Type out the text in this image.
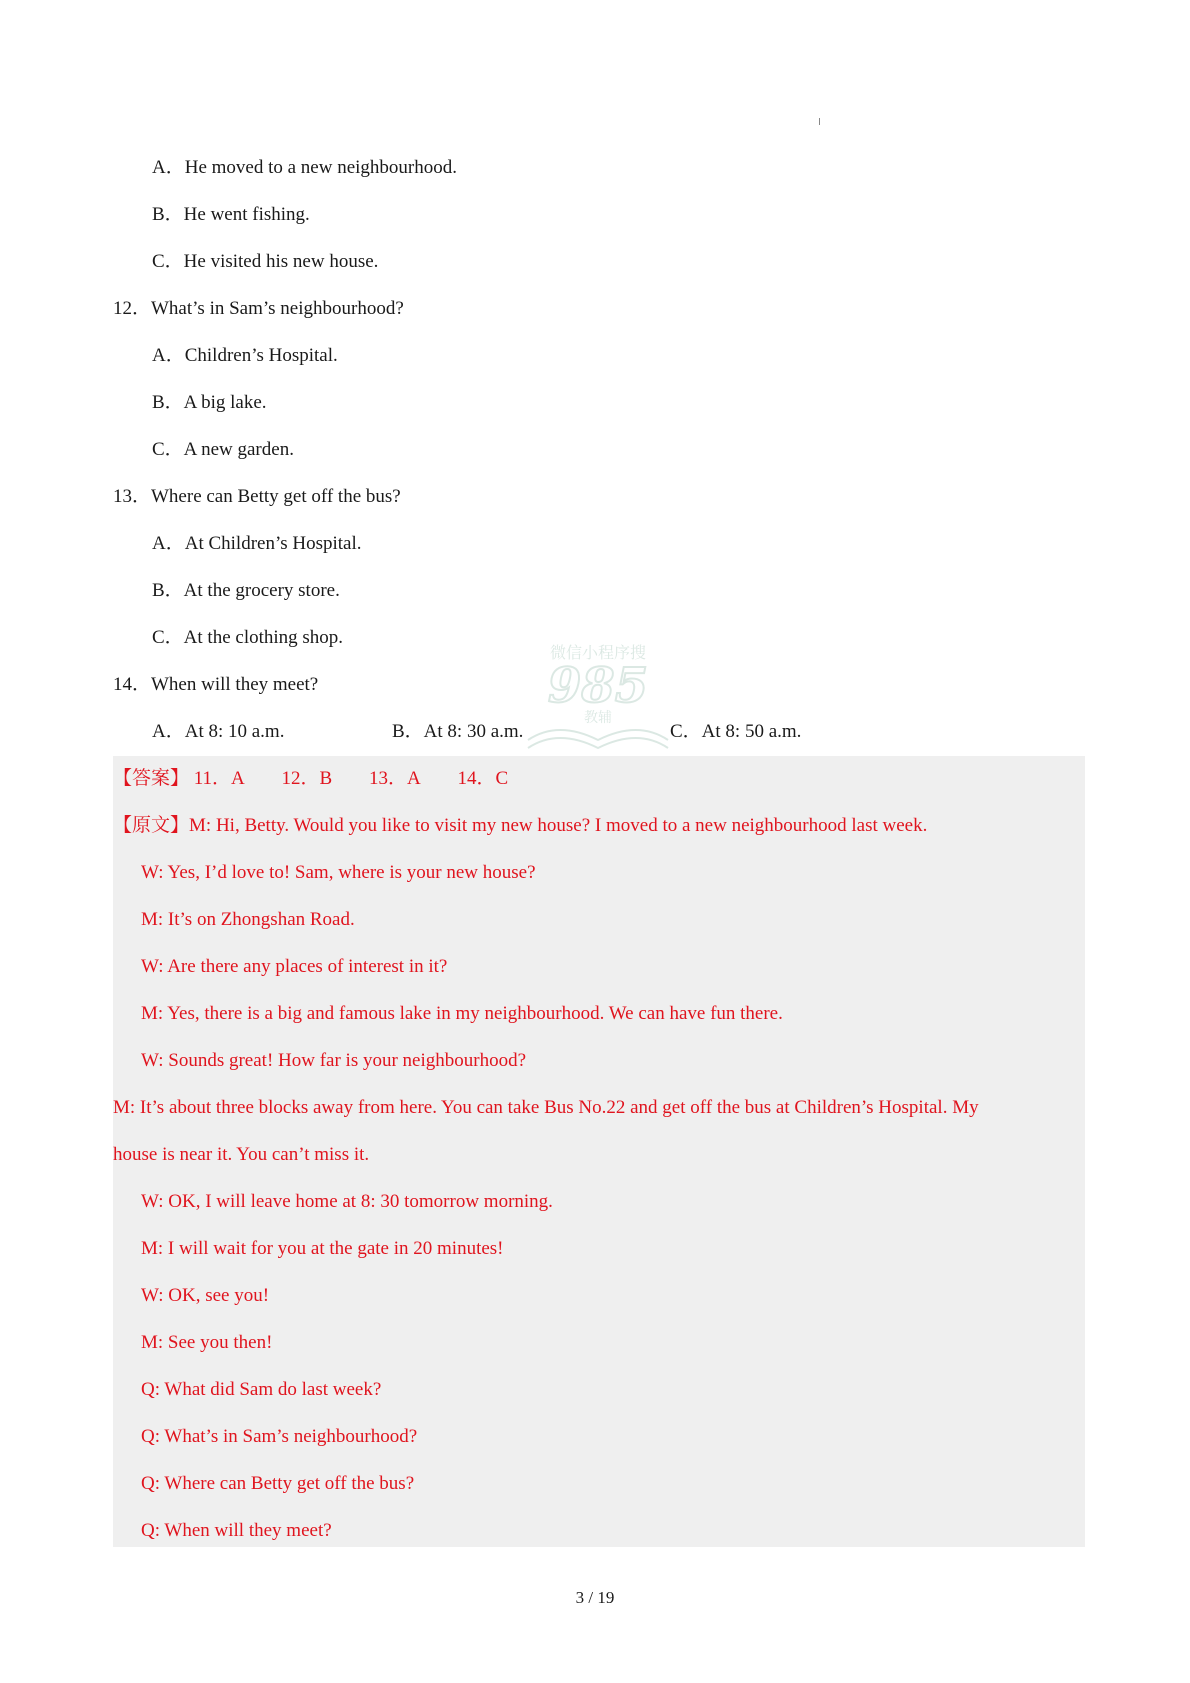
A．He moved to a new neighbourhood.
B．He went fishing.
C．He visited his new house.
12．What’s in Sam’s neighbourhood?
A．Children’s Hospital.
B．A big lake.
C．A new garden.
13．Where can Betty get off the bus?
A．At Children’s Hospital.
B．At the grocery store.
C．At the clothing shop.
14．When will they meet?
A．At 8: 10 a.m.	B．At 8: 30 a.m.	C．At 8: 50 a.m.
微信小程序搜
985
教辅
【答案】 11．A 12．B 13．A 14．C
【原文】M: Hi, Betty. Would you like to visit my new house? I moved to a new neighbourhood last week.
W: Yes, I’d love to! Sam, where is your new house?
M: It’s on Zhongshan Road.
W: Are there any places of interest in it?
M: Yes, there is a big and famous lake in my neighbourhood. We can have fun there.
W: Sounds great! How far is your neighbourhood?
M: It’s about three blocks away from here. You can take Bus No.22 and get off the bus at Children’s Hospital. My
house is near it. You can’t miss it.
W: OK, I will leave home at 8: 30 tomorrow morning.
M: I will wait for you at the gate in 20 minutes!
W: OK, see you!
M: See you then!
Q: What did Sam do last week?
Q: What’s in Sam’s neighbourhood?
Q: Where can Betty get off the bus?
Q: When will they meet?
3 / 19
